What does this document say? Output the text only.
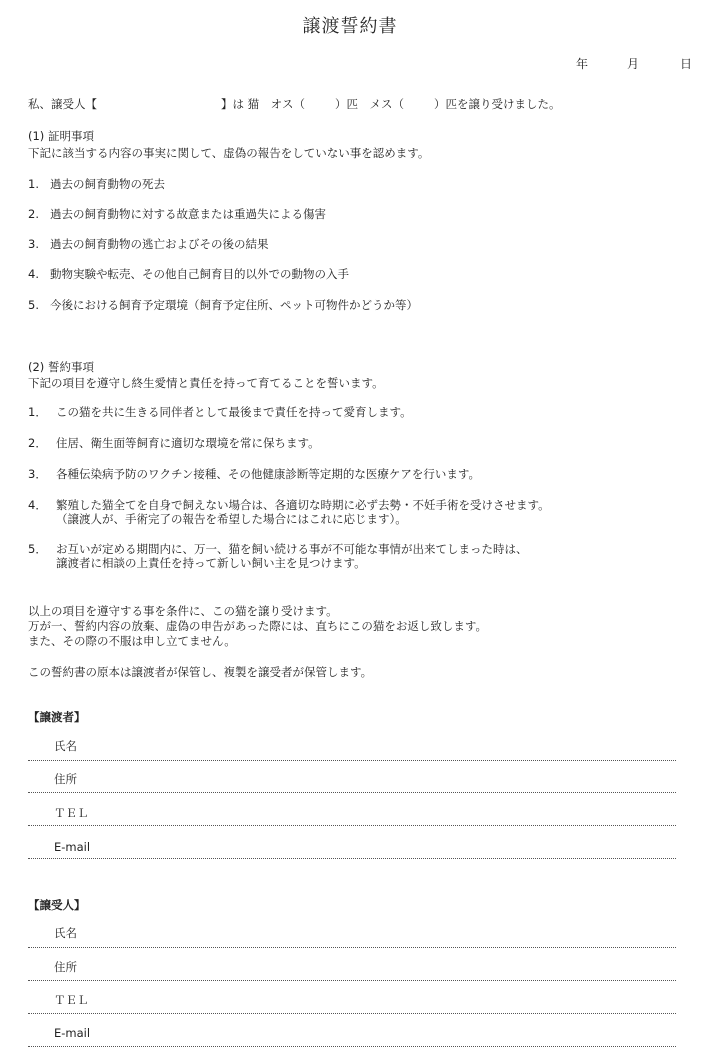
譲渡誓約書
年	月	日
私、譲受人【	】は 猫　オス（	）匹　メス（	）匹を譲り受けました。
(1) 証明事項
下記に該当する内容の事実に関して、虚偽の報告をしていない事を認めます。
1. 過去の飼育動物の死去
2. 過去の飼育動物に対する故意または重過失による傷害
3. 過去の飼育動物の逃亡およびその後の結果
4. 動物実験や転売、その他自己飼育目的以外での動物の入手
5. 今後における飼育予定環境（飼育予定住所、ペット可物件かどうか等）
(2) 誓約事項
下記の項目を遵守し終生愛情と責任を持って育てることを誓います。
1． この猫を共に生きる同伴者として最後まで責任を持って愛育します。
2． 住居、衛生面等飼育に適切な環境を常に保ちます。
3． 各種伝染病予防のワクチン接種、その他健康診断等定期的な医療ケアを行います。
4． 繁殖した猫全てを自身で飼えない場合は、各適切な時期に必ず去勢・不妊手術を受けさせます。
（譲渡人が、手術完了の報告を希望した場合にはこれに応じます）。
5． お互いが定める期間内に、万一、猫を飼い続ける事が不可能な事情が出来てしまった時は、
譲渡者に相談の上責任を持って新しい飼い主を見つけます。
以上の項目を遵守する事を条件に、この猫を譲り受けます。
万が一、誓約内容の放棄、虚偽の申告があった際には、直ちにこの猫をお返し致します。
また、その際の不服は申し立てません。
この誓約書の原本は譲渡者が保管し、複製を譲受者が保管します。
【譲渡者】
氏名
住所
ＴＥＬ
E-mail
【譲受人】
氏名
住所
ＴＥＬ
E-mail
